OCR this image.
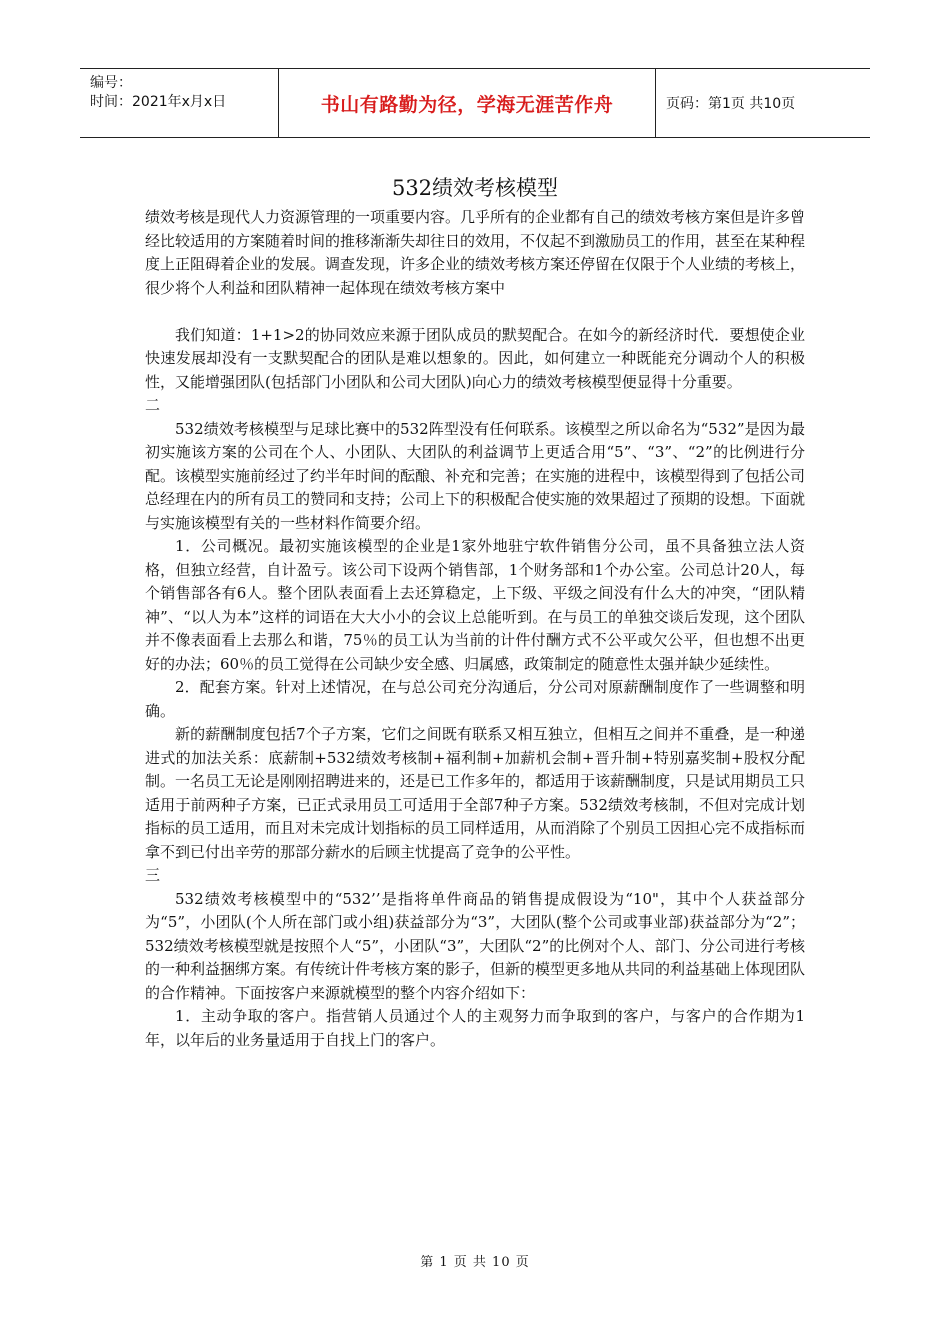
编号：
时间：2021年x月x日	书山有路勤为径，学海无涯苦作舟	页码：第1页 共10页
532绩效考核模型

绩效考核是现代人力资源管理的一项重要内容。几乎所有的企业都有自己的绩效考核方案但是许多曾经比较适用的方案随着时间的推移渐渐失却往日的效用，不仅起不到激励员工的作用，甚至在某种程度上正阻碍着企业的发展。调查发现，许多企业的绩效考核方案还停留在仅限于个人业绩的考核上，很少将个人利益和团队精神一起体现在绩效考核方案中

我们知道：1+1>2的协同效应来源于团队成员的默契配合。在如今的新经济时代．要想使企业快速发展却没有一支默契配合的团队是难以想象的。因此，如何建立一种既能充分调动个人的积极性，又能增强团队(包括部门小团队和公司大团队)向心力的绩效考核模型便显得十分重要。

二

532绩效考核模型与足球比赛中的532阵型没有任何联系。该模型之所以命名为“532”是因为最初实施该方案的公司在个人、小团队、大团队的利益调节上更适合用“5”、“3”、“2”的比例进行分配。该模型实施前经过了约半年时间的酝酿、补充和完善；在实施的进程中，该模型得到了包括公司总经理在内的所有员工的赞同和支持；公司上下的积极配合使实施的效果超过了预期的设想。下面就与实施该模型有关的一些材料作简要介绍。

1．公司概况。最初实施该模型的企业是1家外地驻宁软件销售分公司，虽不具备独立法人资格，但独立经营，自计盈亏。该公司下设两个销售部，1个财务部和1个办公室。公司总计20人，每个销售部各有6人。整个团队表面看上去还算稳定，上下级、平级之间没有什么大的冲突，“团队精神”、“以人为本”这样的词语在大大小小的会议上总能听到。在与员工的单独交谈后发现，这个团队并不像表面看上去那么和谐，75％的员工认为当前的计件付酬方式不公平或欠公平，但也想不出更好的办法；60％的员工觉得在公司缺少安全感、归属感，政策制定的随意性太强并缺少延续性。

2．配套方案。针对上述情况，在与总公司充分沟通后，分公司对原薪酬制度作了一些调整和明确。

新的薪酬制度包括7个子方案，它们之间既有联系又相互独立，但相互之间并不重叠，是一种递进式的加法关系：底薪制+532绩效考核制+福利制+加薪机会制+晋升制+特别嘉奖制+股权分配制。一名员工无论是刚刚招聘进来的，还是已工作多年的，都适用于该薪酬制度，只是试用期员工只适用于前两种子方案，已正式录用员工可适用于全部7种子方案。532绩效考核制，不但对完成计划指标的员工适用，而且对未完成计划指标的员工同样适用，从而消除了个别员工因担心完不成指标而拿不到已付出辛劳的那部分薪水的后顾主忧提高了竞争的公平性。

三

532绩效考核模型中的“532’’是指将单件商品的销售提成假设为“10"，其中个人获益部分为“5”，小团队(个人所在部门或小组)获益部分为“3”，大团队(整个公司或事业部)获益部分为“2”；532绩效考核模型就是按照个人“5”，小团队“3”，大团队“2”的比例对个人、部门、分公司进行考核的一种利益捆绑方案。有传统计件考核方案的影子，但新的模型更多地从共同的利益基础上体现团队的合作精神。下面按客户来源就模型的整个内容介绍如下：

1．主动争取的客户。指营销人员通过个人的主观努力而争取到的客户，与客户的合作期为1年，以年后的业务量适用于自找上门的客户。

第 1 页 共 10 页
